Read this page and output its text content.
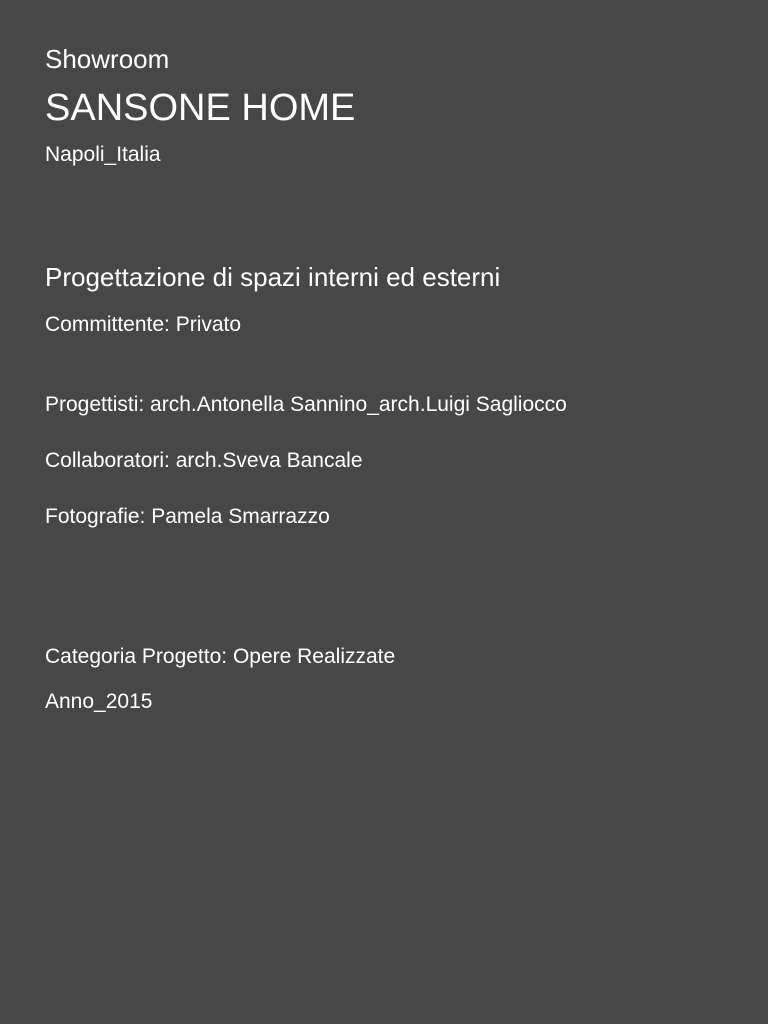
Showroom
SANSONE HOME
Napoli_Italia
Progettazione di spazi interni ed esterni
Committente: Privato
Progettisti: arch.Antonella Sannino_arch.Luigi Sagliocco
Collaboratori: arch.Sveva Bancale
Fotografie: Pamela Smarrazzo
Categoria Progetto: Opere Realizzate
Anno_2015
